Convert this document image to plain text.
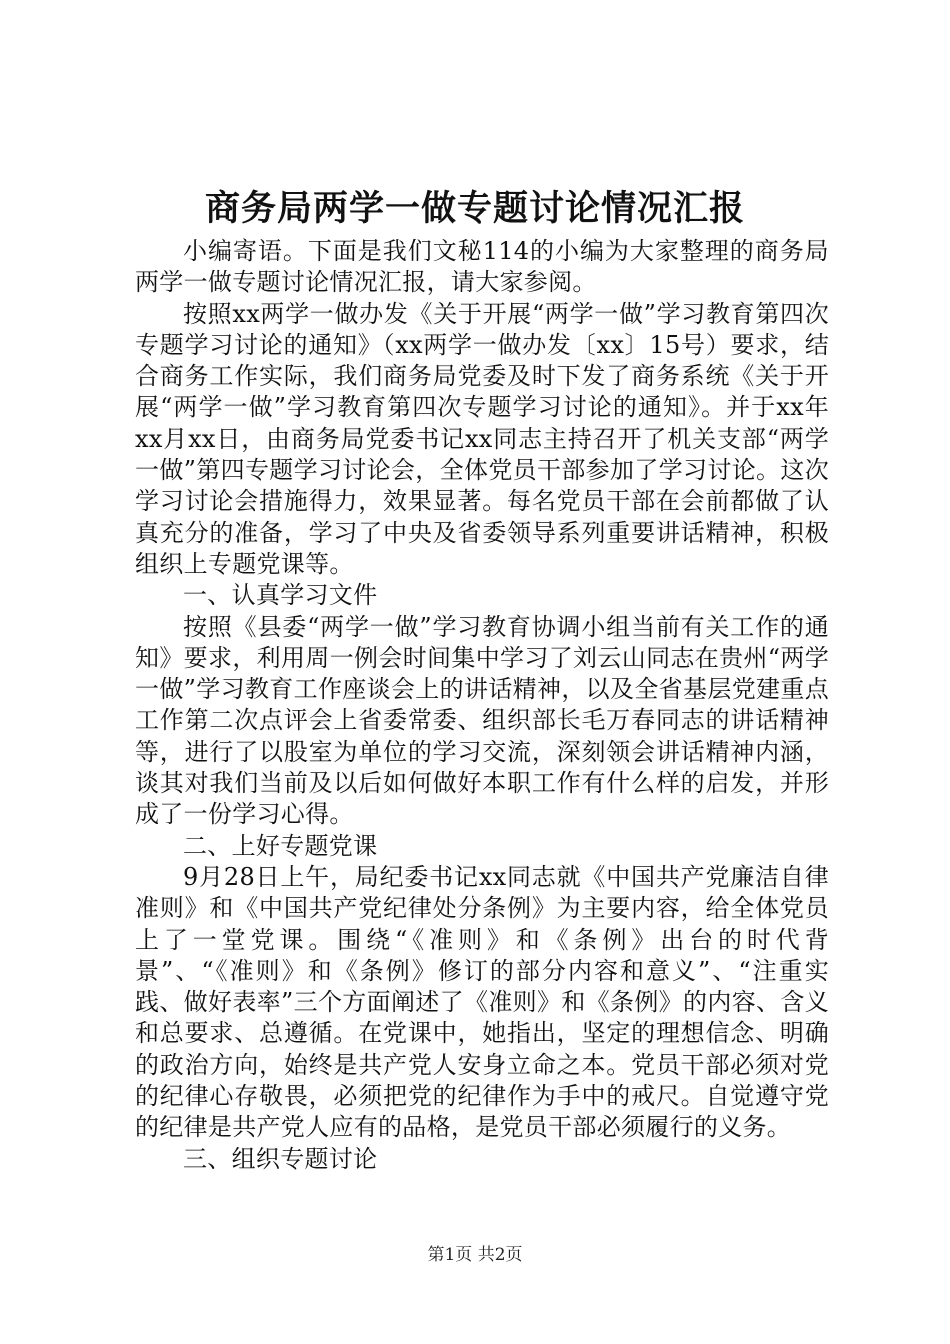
商务局两学一做专题讨论情况汇报

小编寄语。下面是我们文秘114的小编为大家整理的商务局两学一做专题讨论情况汇报，请大家参阅。

按照xx两学一做办发《关于开展“两学一做”学习教育第四次专题学习讨论的通知》（xx两学一做办发〔xx〕15号）要求，结合商务工作实际，我们商务局党委及时下发了商务系统《关于开展“两学一做”学习教育第四次专题学习讨论的通知》。并于xx年xx月xx日，由商务局党委书记xx同志主持召开了机关支部“两学一做”第四专题学习讨论会，全体党员干部参加了学习讨论。这次学习讨论会措施得力，效果显著。每名党员干部在会前都做了认真充分的准备，学习了中央及省委领导系列重要讲话精神，积极组织上专题党课等。

一、认真学习文件

按照《县委“两学一做”学习教育协调小组当前有关工作的通知》要求，利用周一例会时间集中学习了刘云山同志在贵州“两学一做”学习教育工作座谈会上的讲话精神，以及全省基层党建重点工作第二次点评会上省委常委、组织部长毛万春同志的讲话精神等，进行了以股室为单位的学习交流，深刻领会讲话精神内涵，谈其对我们当前及以后如何做好本职工作有什么样的启发，并形成了一份学习心得。

二、上好专题党课

9月28日上午，局纪委书记xx同志就《中国共产党廉洁自律准则》和《中国共产党纪律处分条例》为主要内容，给全体党员上了一堂党课。围绕“《准则》和《条例》出台的时代背景”、“《准则》和《条例》修订的部分内容和意义”、“注重实践、做好表率”三个方面阐述了《准则》和《条例》的内容、含义和总要求、总遵循。在党课中，她指出，坚定的理想信念、明确的政治方向，始终是共产党人安身立命之本。党员干部必须对党的纪律心存敬畏，必须把党的纪律作为手中的戒尺。自觉遵守党的纪律是共产党人应有的品格，是党员干部必须履行的义务。

三、组织专题讨论

第1页 共2页
